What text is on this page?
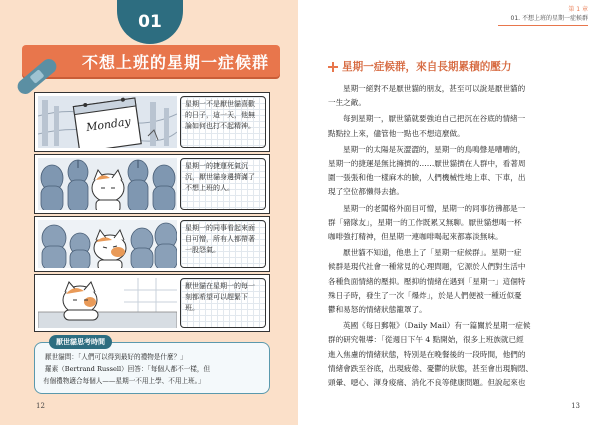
01
不想上班的星期一症候群
Monday
星期一不是厭世貓喜歡的日子，這一天，他無論如何也打不起精神。
星期一的捷運死氣沉沉，厭世貓身邊擠滿了不想上班的人。
星期一的同事看起來面目可憎，所有人都帶著一股怨氣。
厭世貓在星期一的每一刻都希望可以趕緊下班。
厭世貓思考時間
厭世貓問：「人們可以得到最好的禮物是什麼？」
羅素（Bertrand Russell）回答：「每個人都不一樣，但
有個禮物適合每個人——星期一不用上學、不用上班。」
12
第 1 章
01. 不想上班的星期一症候群
星期一症候群，來自長期累積的壓力
星期一絕對不是厭世貓的朋友，甚至可以說是厭世貓的
一生之敵。
每到星期一，厭世貓就要強迫自己把沉在谷底的情緒一
點點拉上來，儘管他一點也不想這麼做。
星期一的太陽是灰澀澀的，星期一的鳥鳴聲是嘈嘈的，
星期一的捷運是無比擁擠的……厭世貓擠在人群中，看著周
圍一張張和他一樣麻木的臉，人們機械性地上車、下車，出
現了空位都懶得去搶。
星期一的老闆格外面目可憎，星期一的同事彷彿都是一
群「豬隊友」，星期一的工作既累又無聊。厭世貓想喝一杯
咖啡強打精神，但星期一連咖啡喝起來都寡淡無味。
厭世貓不知道，他患上了「星期一症候群」。星期一症
候群是現代社會一種常見的心理問題，它源於人們對生活中
各種負面情緒的壓抑。壓抑的情緒在遇到「星期一」這個特
殊日子時，發生了一次「爆炸」，於是人們便被一種近似憂
鬱和易怒的情緒狀態籠罩了。
英國《每日郵報》（Daily Mail）有一篇關於星期一症候
群的研究報導：「從週日下午 4 點開始，很多上班族就已經
進入焦慮的情緒狀態，特別是在晚餐後的一段時間，他們的
情緒會跌至谷底，出現疲倦、憂鬱的狀態，甚至會出現胸悶、
頭暈、噁心、渾身痠痛、消化不良等健康問題。但說起來也
13
